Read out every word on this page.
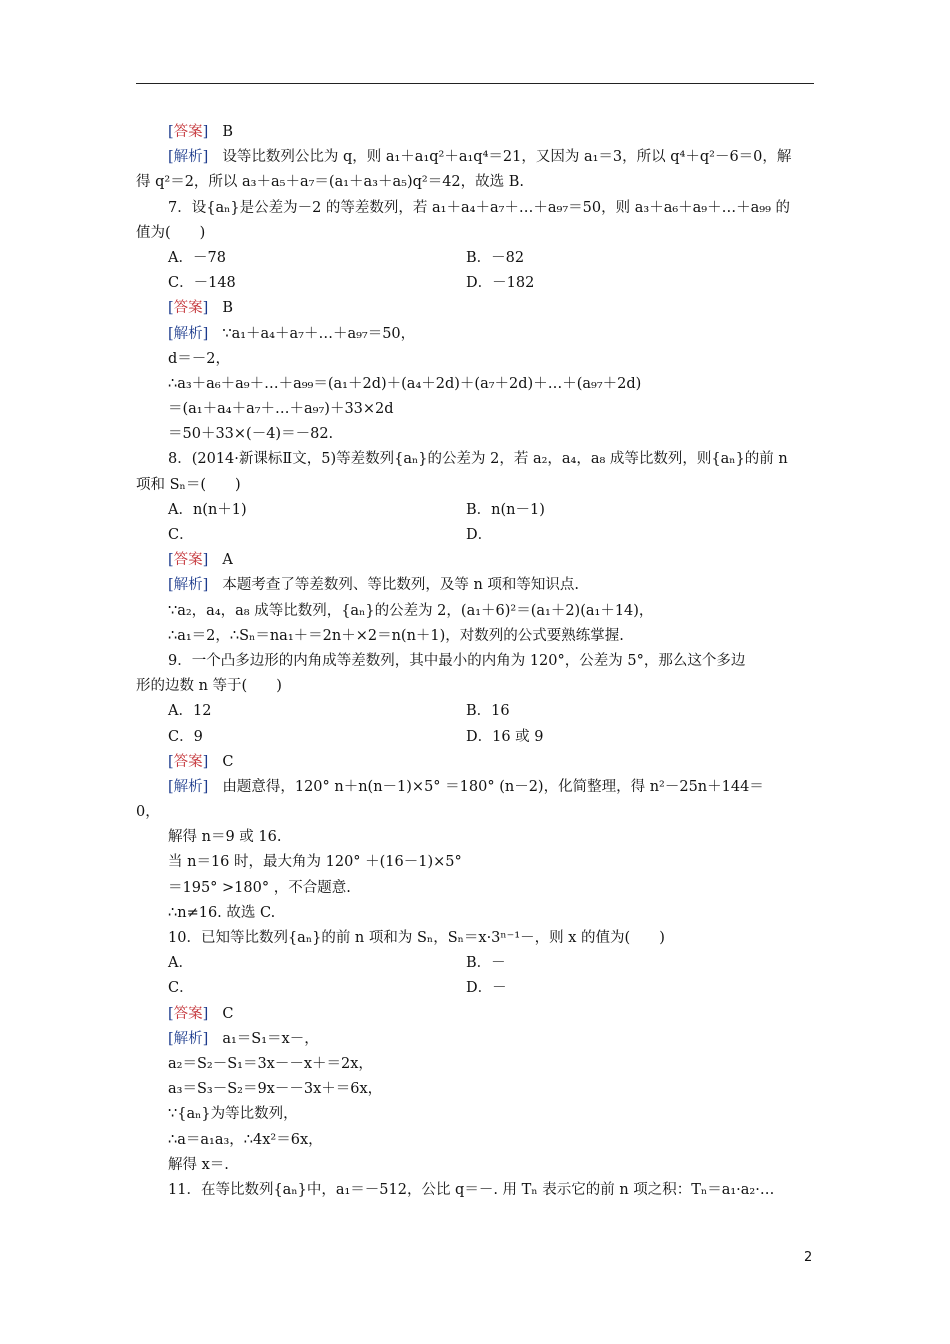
[ 答案 ] B
[ 解析 ] 设等比数列公比为 q，则 a₁＋a₁q²＋a₁q⁴＝21，又因为 a₁＝3，所以 q⁴＋q²－6＝0，解
得 q²＝2，所以 a₃＋a₅＋a₇＝(a₁＋a₃＋a₅)q²＝42，故选 B.
7．设{aₙ}是公差为－2 的等差数列，若 a₁＋a₄＋a₇＋…＋a₉₇＝50，则 a₃＋a₆＋a₉＋…＋a₉₉ 的
值为(　　)
A．－78	B．－82
C．－148	D．－182
[ 答案 ] B
[ 解析 ] ∵a₁＋a₄＋a₇＋…＋a₉₇＝50，
d＝－2，
∴a₃＋a₆＋a₉＋…＋a₉₉＝(a₁＋2d)＋(a₄＋2d)＋(a₇＋2d)＋…＋(a₉₇＋2d)
＝(a₁＋a₄＋a₇＋…＋a₉₇)＋33×2d
＝50＋33×(－4)＝－82.
8．(2014·新课标Ⅱ文，5)等差数列{aₙ}的公差为 2，若 a₂，a₄，a₈ 成等比数列，则{aₙ}的前 n
项和 Sₙ＝(　　)
A．n(n＋1)	B．n(n－1)
C．	D．
[ 答案 ] A
[ 解析 ] 本题考查了等差数列、等比数列，及等 n 项和等知识点.
∵a₂，a₄，a₈ 成等比数列，{aₙ}的公差为 2，(a₁＋6)²＝(a₁＋2)(a₁＋14)，
∴a₁＝2，∴Sₙ＝na₁＋＝2n＋×2＝n(n＋1)，对数列的公式要熟练掌握.
9．一个凸多边形的内角成等差数列，其中最小的内角为 120°，公差为 5°，那么这个多边
形的边数 n 等于(　　)
A．12	B．16
C．9	D．16 或 9
[ 答案 ] C
[ 解析 ] 由题意得，120° n＋n(n－1)×5° ＝180° (n－2)，化简整理，得 n²－25n＋144＝
0，
解得 n＝9 或 16.
当 n＝16 时，最大角为 120° ＋(16－1)×5°
＝195° >180° ，不合题意.
∴n≠16. 故选 C.
10．已知等比数列{aₙ}的前 n 项和为 Sₙ，Sₙ＝x·3ⁿ⁻¹－，则 x 的值为(　　)
A．	B．－
C．	D．－
[ 答案 ] C
[ 解析 ] a₁＝S₁＝x－，
a₂＝S₂－S₁＝3x－－x＋＝2x，
a₃＝S₃－S₂＝9x－－3x＋＝6x，
∵{aₙ}为等比数列，
∴a＝a₁a₃，∴4x²＝6x，
解得 x＝.
11．在等比数列{aₙ}中，a₁＝－512，公比 q＝－. 用 Tₙ 表示它的前 n 项之积：Tₙ＝a₁·a₂·…
2
